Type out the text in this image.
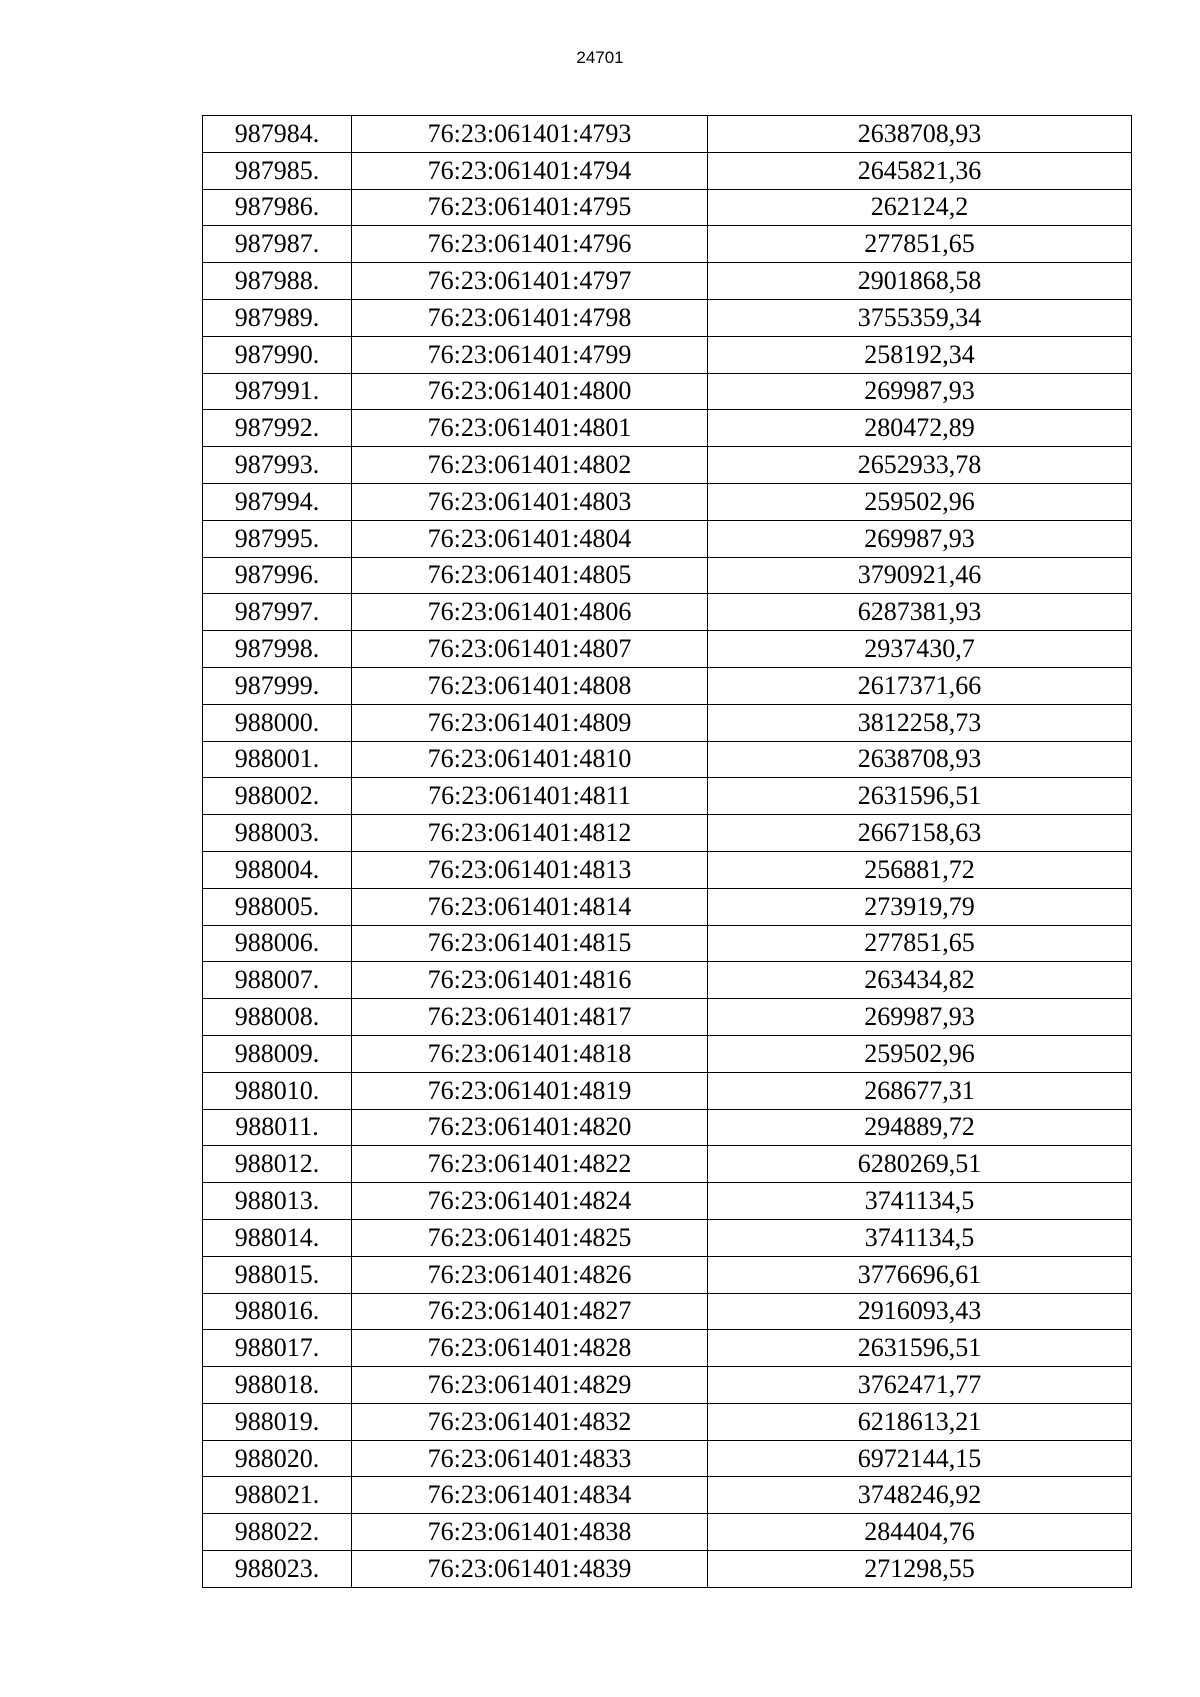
24701
987984.	76:23:061401:4793	2638708,93
987985.	76:23:061401:4794	2645821,36
987986.	76:23:061401:4795	262124,2
987987.	76:23:061401:4796	277851,65
987988.	76:23:061401:4797	2901868,58
987989.	76:23:061401:4798	3755359,34
987990.	76:23:061401:4799	258192,34
987991.	76:23:061401:4800	269987,93
987992.	76:23:061401:4801	280472,89
987993.	76:23:061401:4802	2652933,78
987994.	76:23:061401:4803	259502,96
987995.	76:23:061401:4804	269987,93
987996.	76:23:061401:4805	3790921,46
987997.	76:23:061401:4806	6287381,93
987998.	76:23:061401:4807	2937430,7
987999.	76:23:061401:4808	2617371,66
988000.	76:23:061401:4809	3812258,73
988001.	76:23:061401:4810	2638708,93
988002.	76:23:061401:4811	2631596,51
988003.	76:23:061401:4812	2667158,63
988004.	76:23:061401:4813	256881,72
988005.	76:23:061401:4814	273919,79
988006.	76:23:061401:4815	277851,65
988007.	76:23:061401:4816	263434,82
988008.	76:23:061401:4817	269987,93
988009.	76:23:061401:4818	259502,96
988010.	76:23:061401:4819	268677,31
988011.	76:23:061401:4820	294889,72
988012.	76:23:061401:4822	6280269,51
988013.	76:23:061401:4824	3741134,5
988014.	76:23:061401:4825	3741134,5
988015.	76:23:061401:4826	3776696,61
988016.	76:23:061401:4827	2916093,43
988017.	76:23:061401:4828	2631596,51
988018.	76:23:061401:4829	3762471,77
988019.	76:23:061401:4832	6218613,21
988020.	76:23:061401:4833	6972144,15
988021.	76:23:061401:4834	3748246,92
988022.	76:23:061401:4838	284404,76
988023.	76:23:061401:4839	271298,55
